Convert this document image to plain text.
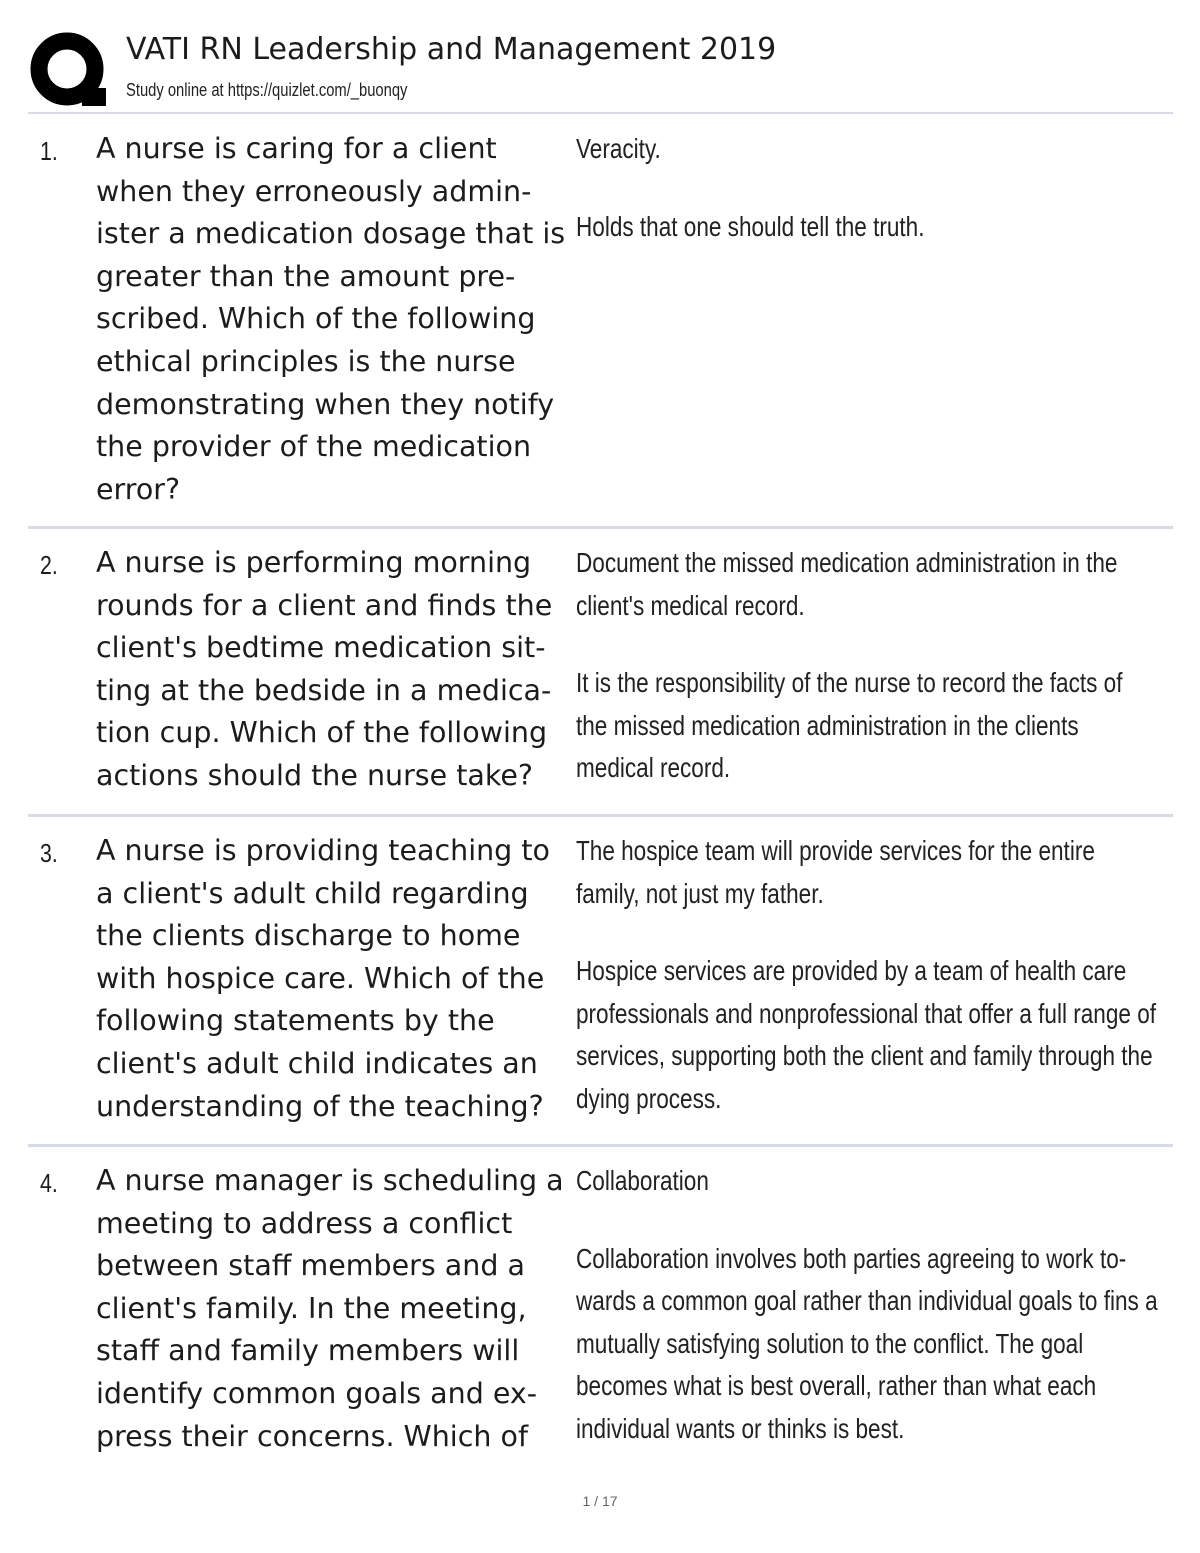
VATI RN Leadership and Management 2019
Study online at https://quizlet.com/_buonqy
1. A nurse is caring for a client when they erroneously admin-ister a medication dosage that is greater than the amount pre-scribed. Which of the following ethical principles is the nurse demonstrating when they notify the provider of the medication error?

Veracity.

Holds that one should tell the truth.

2. A nurse is performing morning rounds for a client and finds the client's bedtime medication sit-ting at the bedside in a medica-tion cup. Which of the following actions should the nurse take?

Document the missed medication administration in the client's medical record.

It is the responsibility of the nurse to record the facts of the missed medication administration in the clients medical record.

3. A nurse is providing teaching to a client's adult child regarding the clients discharge to home with hospice care. Which of the following statements by the client's adult child indicates an understanding of the teaching?

The hospice team will provide services for the entire family, not just my father.

Hospice services are provided by a team of health care professionals and nonprofessional that offer a full range of services, supporting both the client and family through the dying process.

4. A nurse manager is scheduling a meeting to address a conflict between staff members and a client's family. In the meeting, staff and family members will identify common goals and ex-press their concerns. Which of

Collaboration

Collaboration involves both parties agreeing to work to-wards a common goal rather than individual goals to fins a mutually satisfying solution to the conflict. The goal becomes what is best overall, rather than what each individual wants or thinks is best.

1 / 17
